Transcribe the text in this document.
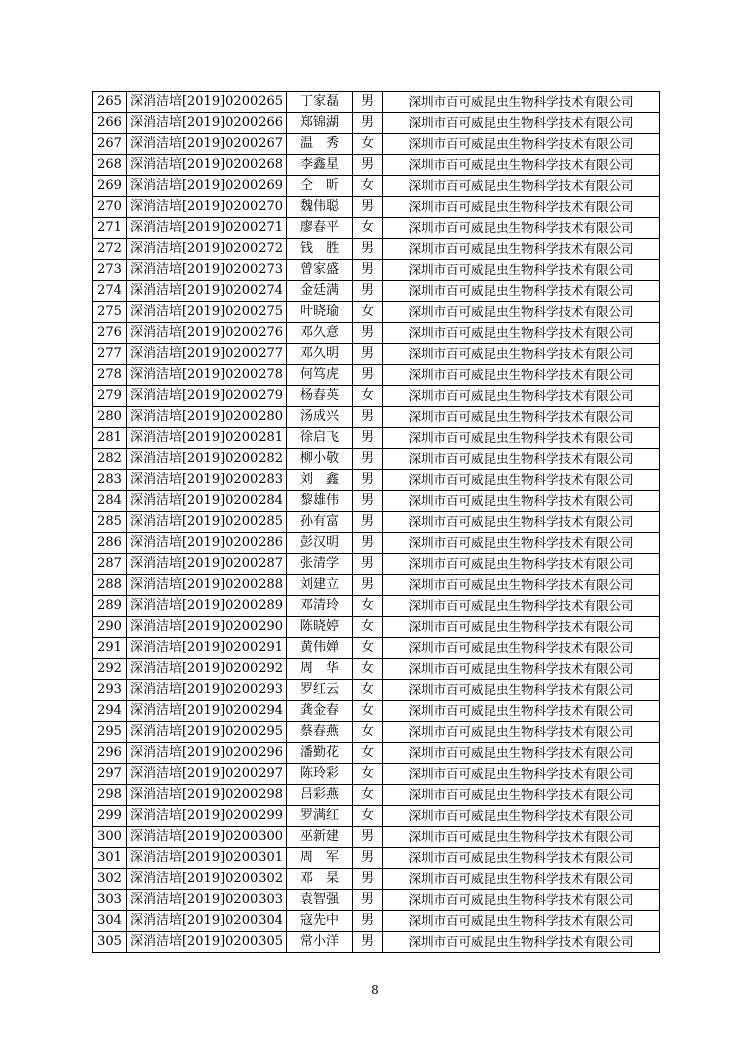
265	深消洁培[2019]0200265	丁家磊	男	深圳市百可威昆虫生物科学技术有限公司
266	深消洁培[2019]0200266	郑锦湖	男	深圳市百可威昆虫生物科学技术有限公司
267	深消洁培[2019]0200267	温　秀	女	深圳市百可威昆虫生物科学技术有限公司
268	深消洁培[2019]0200268	李鑫星	男	深圳市百可威昆虫生物科学技术有限公司
269	深消洁培[2019]0200269	仝　昕	女	深圳市百可威昆虫生物科学技术有限公司
270	深消洁培[2019]0200270	魏伟聪	男	深圳市百可威昆虫生物科学技术有限公司
271	深消洁培[2019]0200271	廖春平	女	深圳市百可威昆虫生物科学技术有限公司
272	深消洁培[2019]0200272	钱　胜	男	深圳市百可威昆虫生物科学技术有限公司
273	深消洁培[2019]0200273	曾家盛	男	深圳市百可威昆虫生物科学技术有限公司
274	深消洁培[2019]0200274	金廷满	男	深圳市百可威昆虫生物科学技术有限公司
275	深消洁培[2019]0200275	叶晓瑜	女	深圳市百可威昆虫生物科学技术有限公司
276	深消洁培[2019]0200276	邓久意	男	深圳市百可威昆虫生物科学技术有限公司
277	深消洁培[2019]0200277	邓久明	男	深圳市百可威昆虫生物科学技术有限公司
278	深消洁培[2019]0200278	何笃虎	男	深圳市百可威昆虫生物科学技术有限公司
279	深消洁培[2019]0200279	杨春英	女	深圳市百可威昆虫生物科学技术有限公司
280	深消洁培[2019]0200280	汤成兴	男	深圳市百可威昆虫生物科学技术有限公司
281	深消洁培[2019]0200281	徐启飞	男	深圳市百可威昆虫生物科学技术有限公司
282	深消洁培[2019]0200282	柳小敬	男	深圳市百可威昆虫生物科学技术有限公司
283	深消洁培[2019]0200283	刘　鑫	男	深圳市百可威昆虫生物科学技术有限公司
284	深消洁培[2019]0200284	黎雄伟	男	深圳市百可威昆虫生物科学技术有限公司
285	深消洁培[2019]0200285	孙有富	男	深圳市百可威昆虫生物科学技术有限公司
286	深消洁培[2019]0200286	彭汉明	男	深圳市百可威昆虫生物科学技术有限公司
287	深消洁培[2019]0200287	张清学	男	深圳市百可威昆虫生物科学技术有限公司
288	深消洁培[2019]0200288	刘建立	男	深圳市百可威昆虫生物科学技术有限公司
289	深消洁培[2019]0200289	邓清玲	女	深圳市百可威昆虫生物科学技术有限公司
290	深消洁培[2019]0200290	陈晓婷	女	深圳市百可威昆虫生物科学技术有限公司
291	深消洁培[2019]0200291	黄伟婵	女	深圳市百可威昆虫生物科学技术有限公司
292	深消洁培[2019]0200292	周　华	女	深圳市百可威昆虫生物科学技术有限公司
293	深消洁培[2019]0200293	罗红云	女	深圳市百可威昆虫生物科学技术有限公司
294	深消洁培[2019]0200294	龚金春	女	深圳市百可威昆虫生物科学技术有限公司
295	深消洁培[2019]0200295	蔡春燕	女	深圳市百可威昆虫生物科学技术有限公司
296	深消洁培[2019]0200296	潘勤花	女	深圳市百可威昆虫生物科学技术有限公司
297	深消洁培[2019]0200297	陈玲彩	女	深圳市百可威昆虫生物科学技术有限公司
298	深消洁培[2019]0200298	吕彩燕	女	深圳市百可威昆虫生物科学技术有限公司
299	深消洁培[2019]0200299	罗满红	女	深圳市百可威昆虫生物科学技术有限公司
300	深消洁培[2019]0200300	巫新建	男	深圳市百可威昆虫生物科学技术有限公司
301	深消洁培[2019]0200301	周　军	男	深圳市百可威昆虫生物科学技术有限公司
302	深消洁培[2019]0200302	邓　杲	男	深圳市百可威昆虫生物科学技术有限公司
303	深消洁培[2019]0200303	袁智强	男	深圳市百可威昆虫生物科学技术有限公司
304	深消洁培[2019]0200304	寇先中	男	深圳市百可威昆虫生物科学技术有限公司
305	深消洁培[2019]0200305	常小洋	男	深圳市百可威昆虫生物科学技术有限公司
8
